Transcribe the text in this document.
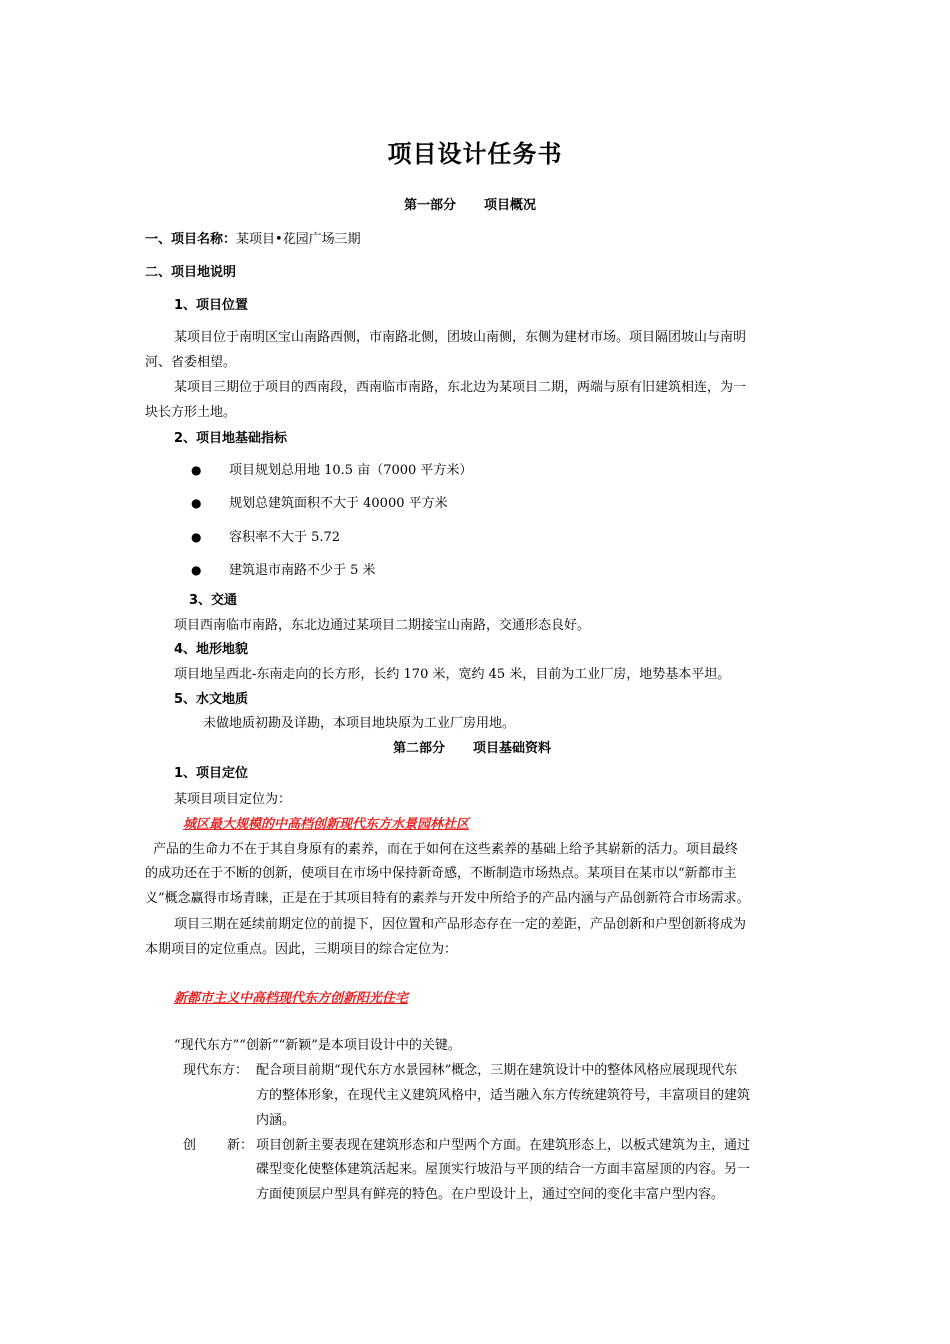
项目设计任务书
第一部分 项目概况
一、项目名称：某项目•花园广场三期
二、项目地说明
1、项目位置
某项目位于南明区宝山南路西侧，市南路北侧，团坡山南侧，东侧为建材市场。项目隔团坡山与南明
河、省委相望。
某项目三期位于项目的西南段，西南临市南路，东北边为某项目二期，两端与原有旧建筑相连，为一
块长方形土地。
2、项目地基础指标
● 项目规划总用地 10.5 亩（7000 平方米）
● 规划总建筑面积不大于 40000 平方米
● 容积率不大于 5.72
● 建筑退市南路不少于 5 米
3、交通
项目西南临市南路，东北边通过某项目二期接宝山南路，交通形态良好。
4、地形地貌
项目地呈西北-东南走向的长方形，长约 170 米，宽约 45 米，目前为工业厂房，地势基本平坦。
5、水文地质
未做地质初勘及详勘，本项目地块原为工业厂房用地。
第二部分 项目基础资料
1、项目定位
某项目项目定位为：
城区最大规模的中高档创新现代东方水景园林社区
产品的生命力不在于其自身原有的素养，而在于如何在这些素养的基础上给予其崭新的活力。项目最终
的成功还在于不断的创新，使项目在市场中保持新奇感，不断制造市场热点。某项目在某市以“新都市主
义”概念赢得市场青睐，正是在于其项目特有的素养与开发中所给予的产品内涵与产品创新符合市场需求。
项目三期在延续前期定位的前提下，因位置和产品形态存在一定的差距，产品创新和户型创新将成为
本期项目的定位重点。因此，三期项目的综合定位为：
新都市主义中高档现代东方创新阳光住宅
“现代东方”“创新”“新颖”是本项目设计中的关键。
现代东方： 配合项目前期“现代东方水景园林”概念，三期在建筑设计中的整体风格应展现现代东
方的整体形象，在现代主义建筑风格中，适当融入东方传统建筑符号，丰富项目的建筑
内涵。
创 新： 项目创新主要表现在建筑形态和户型两个方面。在建筑形态上，以板式建筑为主，通过
碟型变化使整体建筑活起来。屋顶实行坡沿与平顶的结合一方面丰富屋顶的内容。另一
方面使顶层户型具有鲜亮的特色。在户型设计上，通过空间的变化丰富户型内容。
